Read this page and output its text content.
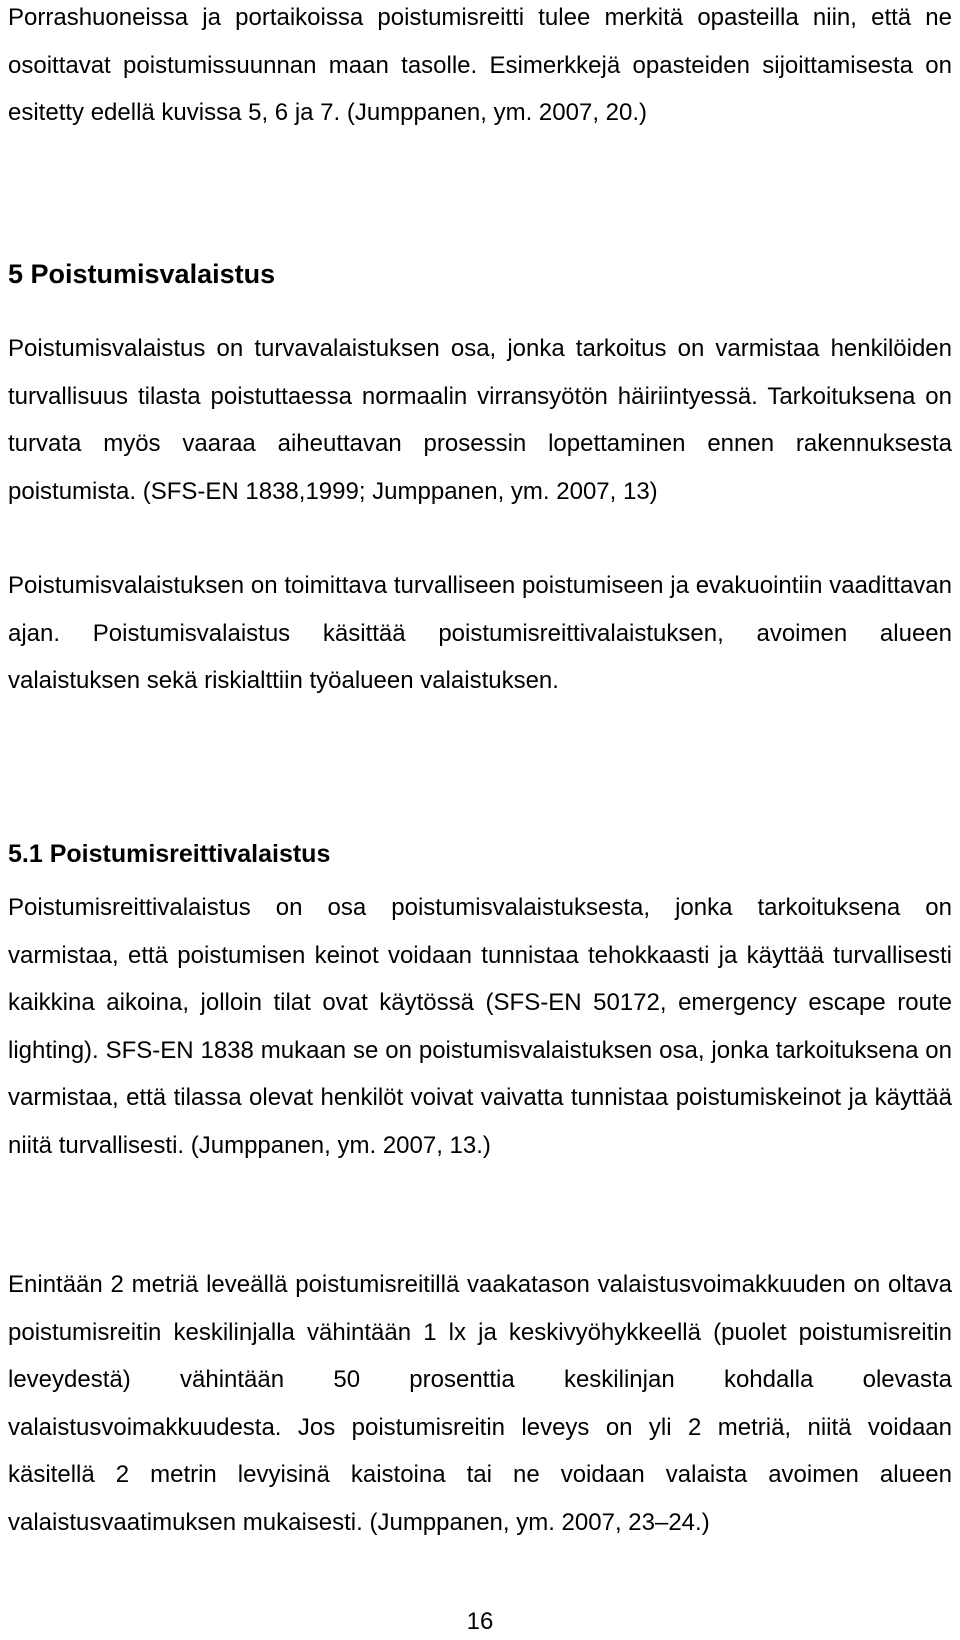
Porrashuoneissa ja portaikoissa poistumisreitti tulee merkitä opasteilla niin, että ne osoittavat poistumissuunnan maan tasolle. Esimerkkejä opasteiden sijoittamisesta on esitetty edellä kuvissa 5, 6 ja 7. (Jumppanen, ym. 2007, 20.)

5 Poistumisvalaistus

Poistumisvalaistus on turvavalaistuksen osa, jonka tarkoitus on varmistaa henkilöiden turvallisuus tilasta poistuttaessa normaalin virransyötön häiriintyessä. Tarkoituksena on turvata myös vaaraa aiheuttavan prosessin lopettaminen ennen rakennuksesta poistumista. (SFS-EN 1838,1999; Jumppanen, ym. 2007, 13)

Poistumisvalaistuksen on toimittava turvalliseen poistumiseen ja evakuointiin vaadittavan ajan. Poistumisvalaistus käsittää poistumisreittivalaistuksen, avoimen alueen valaistuksen sekä riskialttiin työalueen valaistuksen.

5.1 Poistumisreittivalaistus

Poistumisreittivalaistus on osa poistumisvalaistuksesta, jonka tarkoituksena on varmistaa, että poistumisen keinot voidaan tunnistaa tehokkaasti ja käyttää turvallisesti kaikkina aikoina, jolloin tilat ovat käytössä (SFS-EN 50172, emergency escape route lighting). SFS-EN 1838 mukaan se on poistumisvalaistuksen osa, jonka tarkoituksena on varmistaa, että tilassa olevat henkilöt voivat vaivatta tunnistaa poistumiskeinot ja käyttää niitä turvallisesti. (Jumppanen, ym. 2007, 13.)

Enintään 2 metriä leveällä poistumisreitillä vaakatason valaistusvoimakkuuden on oltava poistumisreitin keskilinjalla vähintään 1 lx ja keskivyöhykkeellä (puolet poistumisreitin leveydestä) vähintään 50 prosenttia keskilinjan kohdalla olevasta valaistusvoimakkuudesta. Jos poistumisreitin leveys on yli 2 metriä, niitä voidaan käsitellä 2 metrin levyisinä kaistoina tai ne voidaan valaista avoimen alueen valaistusvaatimuksen mukaisesti. (Jumppanen, ym. 2007, 23–24.)

16
